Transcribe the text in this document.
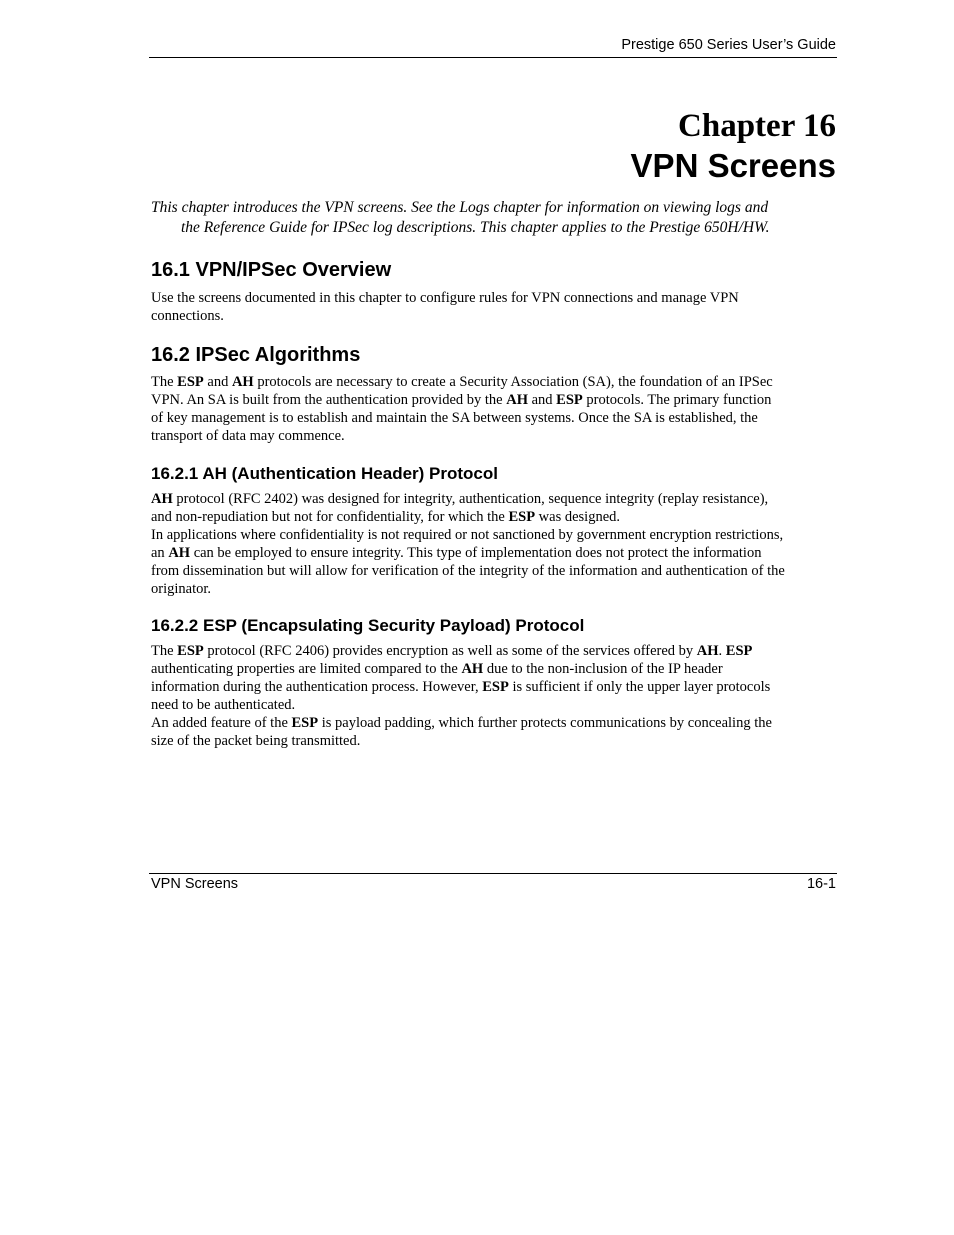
Prestige 650 Series User’s Guide
Chapter 16
VPN Screens
This chapter introduces the VPN screens. See the Logs chapter for information on viewing logs and
the Reference Guide for IPSec log descriptions. This chapter applies to the Prestige 650H/HW.
16.1 VPN/IPSec Overview
Use the screens documented in this chapter to configure rules for VPN connections and manage VPN
connections.
16.2 IPSec Algorithms
The ESP and AH protocols are necessary to create a Security Association (SA), the foundation of an IPSec
VPN. An SA is built from the authentication provided by the AH and ESP protocols. The primary function
of key management is to establish and maintain the SA between systems. Once the SA is established, the
transport of data may commence.
16.2.1 AH (Authentication Header) Protocol
AH protocol (RFC 2402) was designed for integrity, authentication, sequence integrity (replay resistance),
and non-repudiation but not for confidentiality, for which the ESP was designed.
In applications where confidentiality is not required or not sanctioned by government encryption restrictions,
an AH can be employed to ensure integrity. This type of implementation does not protect the information
from dissemination but will allow for verification of the integrity of the information and authentication of the
originator.
16.2.2 ESP (Encapsulating Security Payload) Protocol
The ESP protocol (RFC 2406) provides encryption as well as some of the services offered by AH. ESP
authenticating properties are limited compared to the AH due to the non-inclusion of the IP header
information during the authentication process. However, ESP is sufficient if only the upper layer protocols
need to be authenticated.
An added feature of the ESP is payload padding, which further protects communications by concealing the
size of the packet being transmitted.
VPN Screens	16-1
